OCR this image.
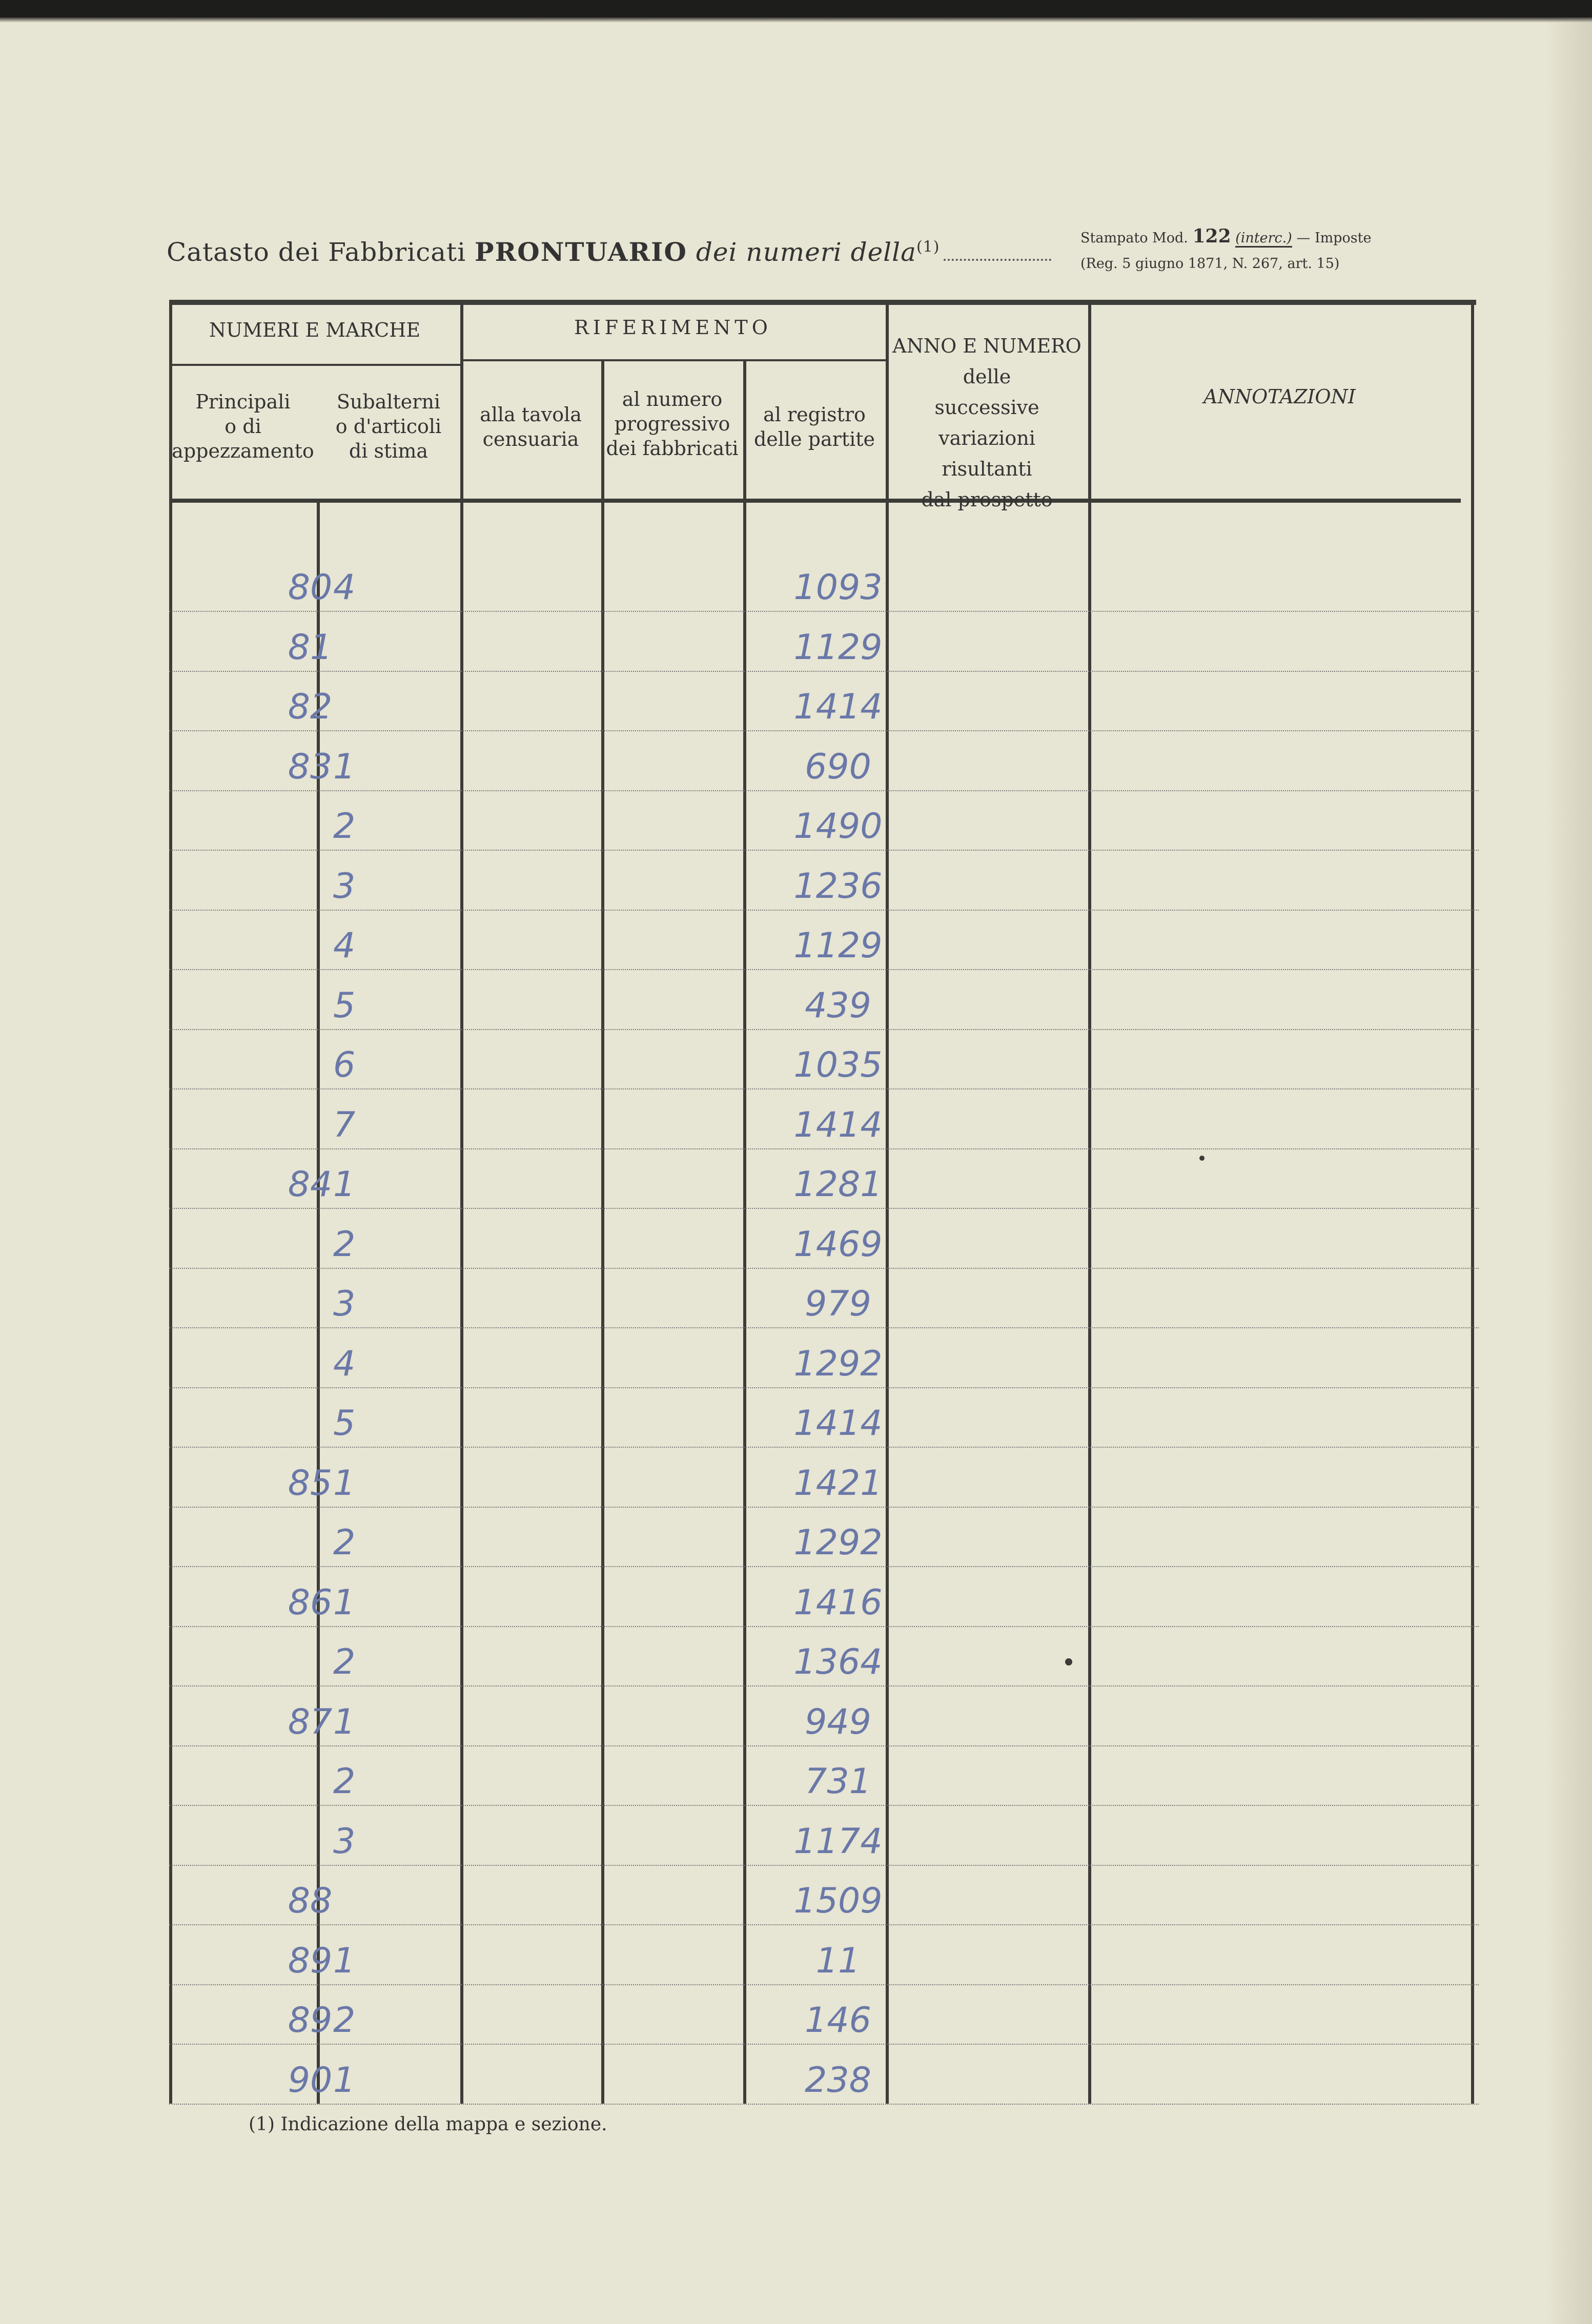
Catasto dei Fabbricati PRONTUARIO dei numeri della$^{(1)}$	Stampato Mod. 122 (interc.) — Imposte
(Reg. 5 giugno 1871, N. 267, art. 15)
NUMERI E MARCHE	RIFERIMENTO
Principali
o di
appezzamento
Subalterni
o d'articoli
di stima
alla tavola
censuaria
al numero
progressivo
dei fabbricati
al registro
delle partite
ANNO E NUMERO
delle
successive variazioni
risultanti
dal prospetto
ANNOTAZIONI
80 4	1093
81	1129
82	1414
83 1	690
2	1490
3	1236
4	1129
5	439
6	1035
7	1414
84 1	1281
2	1469
3	979
4	1292
5	1414
85 1	1421
2	1292
86 1	1416
2	1364
87 1	949
2	731
3	1174
88	1509
89 1	11
89 2	146
90 1	238
(1) Indicazione della mappa e sezione.
